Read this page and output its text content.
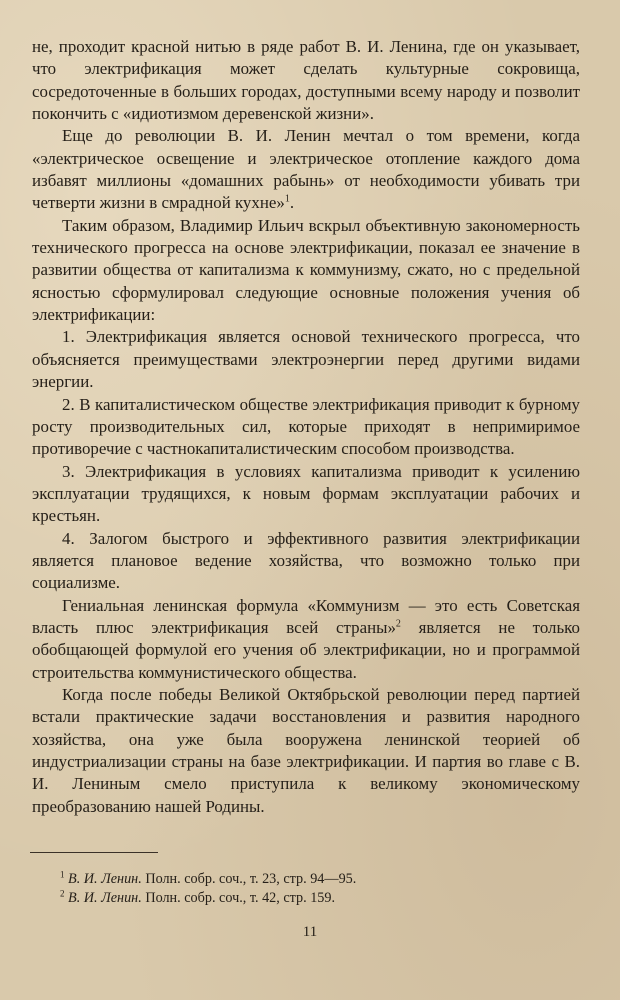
не, проходит красной нитью в ряде работ В. И. Ленина, где он указывает, что электрификация может сделать культурные сокровища, сосредоточенные в больших городах, доступными всему народу и позволит покончить с «идиотизмом деревенской жизни».

Еще до революции В. И. Ленин мечтал о том времени, когда «электрическое освещение и электрическое отопление каждого дома избавят миллионы «домашних рабынь» от необходимости убивать три четверти жизни в смрадной кухне»$^1$.

Таким образом, Владимир Ильич вскрыл объективную закономерность технического прогресса на основе электрификации, показал ее значение в развитии общества от капитализма к коммунизму, сжато, но с предельной ясностью сформулировал следующие основные положения учения об электрификации:

1. Электрификация является основой технического прогресса, что объясняется преимуществами электроэнергии перед другими видами энергии.

2. В капиталистическом обществе электрификация приводит к бурному росту производительных сил, которые приходят в непримиримое противоречие с частнокапиталистическим способом производства.

3. Электрификация в условиях капитализма приводит к усилению эксплуатации трудящихся, к новым формам эксплуатации рабочих и крестьян.

4. Залогом быстрого и эффективного развития электрификации является плановое ведение хозяйства, что возможно только при социализме.

Гениальная ленинская формула «Коммунизм — это есть Советская власть плюс электрификация всей страны»$^2$ является не только обобщающей формулой его учения об электрификации, но и программой строительства коммунистического общества.

Когда после победы Великой Октябрьской революции перед партией встали практические задачи восстановления и развития народного хозяйства, она уже была вооружена ленинской теорией об индустриализации страны на базе электрификации. И партия во главе с В. И. Лениным смело приступила к великому экономическому преобразованию нашей Родины.

$^1$ В. И. Ленин. Полн. собр. соч., т. 23, стр. 94—95.
$^2$ В. И. Ленин. Полн. собр. соч., т. 42, стр. 159.
11
